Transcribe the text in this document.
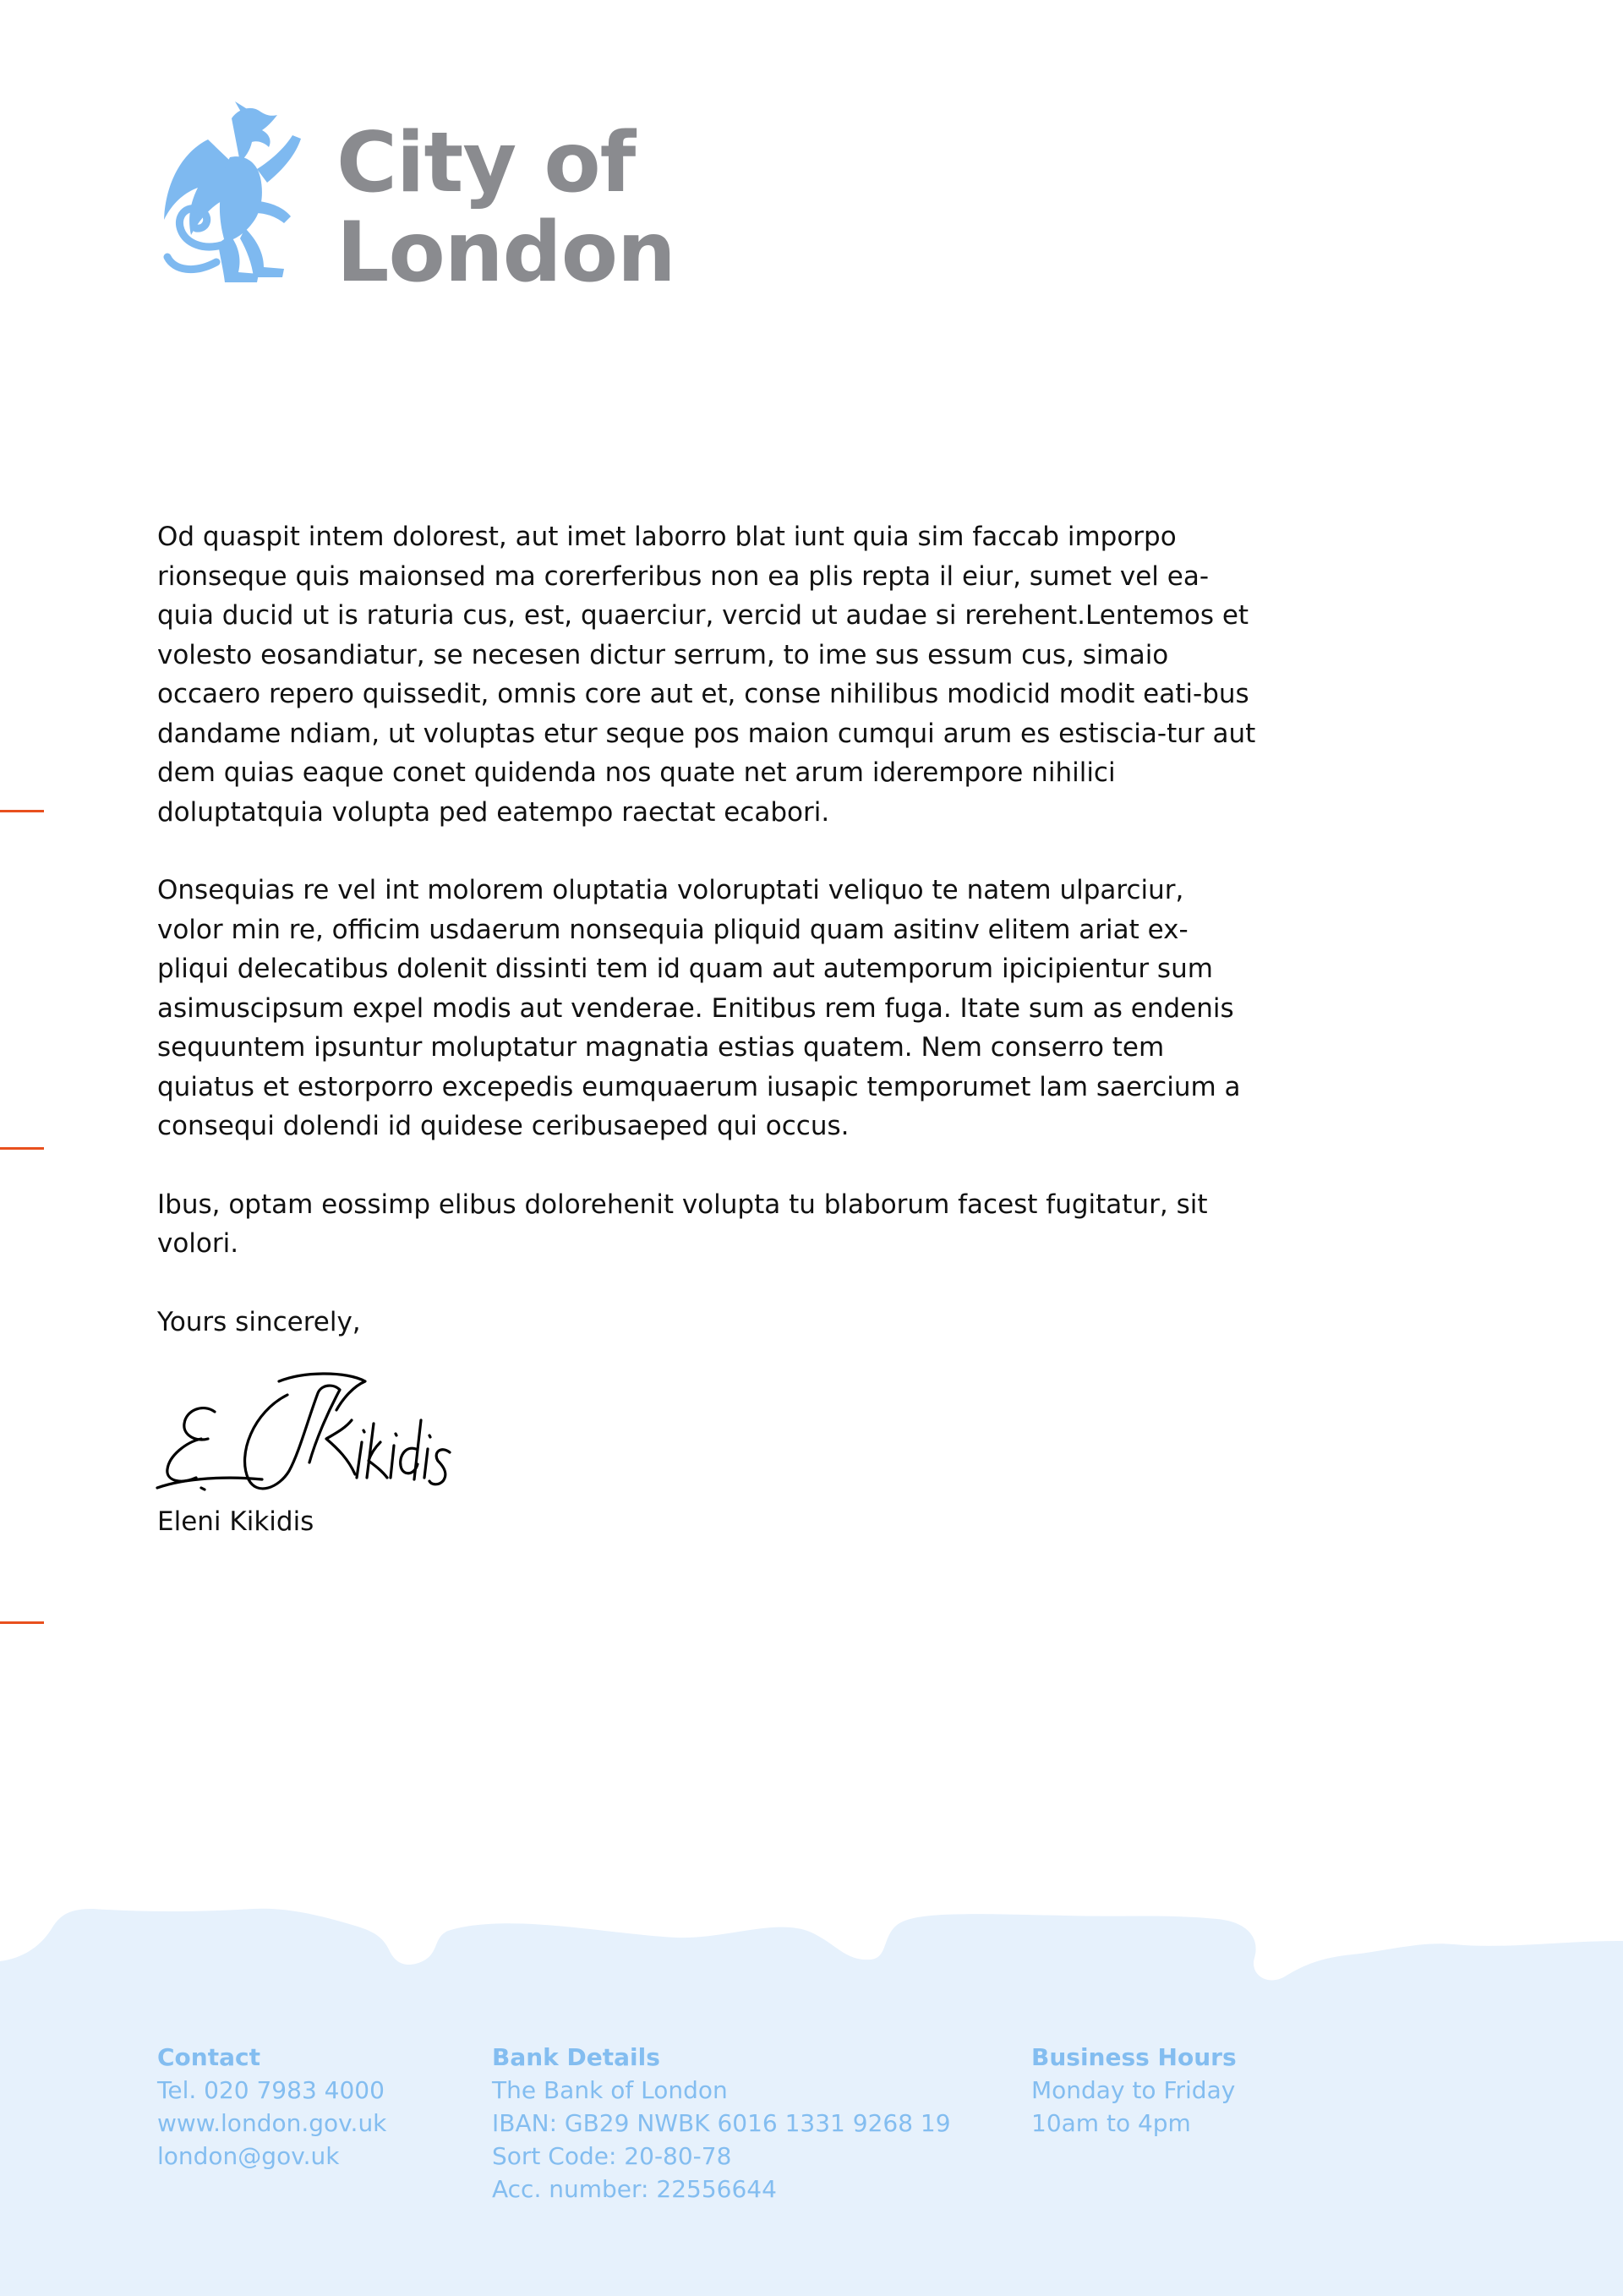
City of
London

Od quaspit intem dolorest, aut imet laborro blat iunt quia sim faccab imporpo rionseque quis maionsed ma corerferibus non ea plis repta il eiur, sumet vel ea-quia ducid ut is raturia cus, est, quaerciur, vercid ut audae si rerehent.Lentemos et volesto eosandiatur, se necesen dictur serrum, to ime sus essum cus, simaio occaero repero quissedit, omnis core aut et, conse nihilibus modicid modit eati-bus dandame ndiam, ut voluptas etur seque pos maion cumqui arum es estiscia-tur aut dem quias eaque conet quidenda nos quate net arum iderempore nihilici doluptatquia volupta ped eatempo raectat ecabori.

Onsequias re vel int molorem oluptatia voloruptati veliquo te natem ulparciur, volor min re, officim usdaerum nonsequia pliquid quam asitinv elitem ariat ex-pliqui delecatibus dolenit dissinti tem id quam aut autemporum ipicipientur sum asimuscipsum expel modis aut venderae. Enitibus rem fuga. Itate sum as endenis sequuntem ipsuntur moluptatur magnatia estias quatem. Nem conserro tem quiatus et estorporro excepedis eumquaerum iusapic temporumet lam saercium a consequi dolendi id quidese ceribusaeped qui occus.

Ibus, optam eossimp elibus dolorehenit volupta tu blaborum facest fugitatur, sit volori.

Yours sincerely,

Eleni Kikidis
Contact
Tel. 020 7983 4000
www.london.gov.uk
london@gov.uk
Bank Details
The Bank of London
IBAN: GB29 NWBK 6016 1331 9268 19
Sort Code: 20-80-78
Acc. number: 22556644
Business Hours
Monday to Friday
10am to 4pm
